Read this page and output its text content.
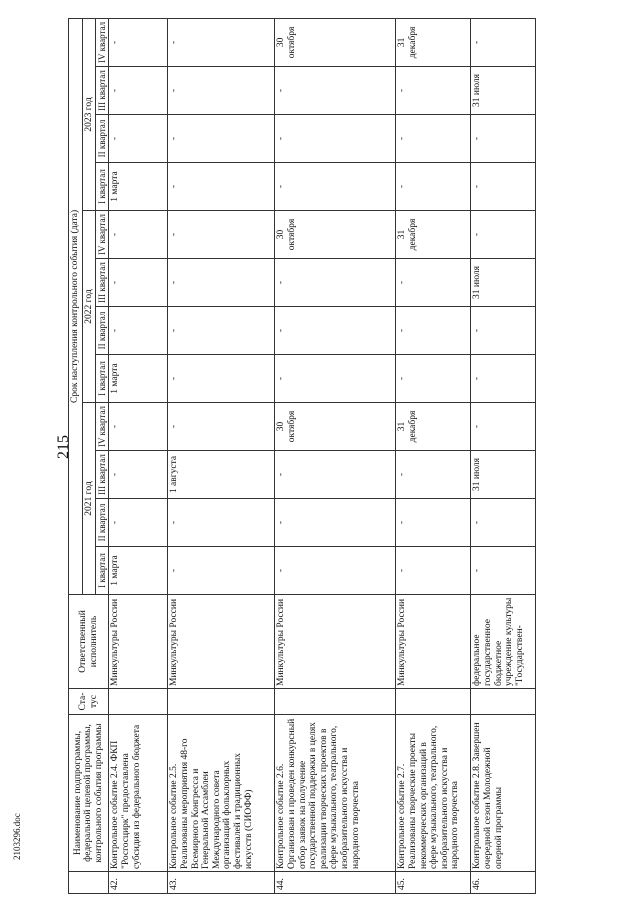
215
2103296.doc
		Наименование подпрограммы, федеральной целевой программы, контрольного события программы	Ста-тус	Ответственный исполнитель	Срок наступления контрольного события (дата)											
				2021 год				2022 год				2023 год			
				I квартал	II квартал	III квартал	IV квартал	I квартал	II квартал	III квартал	IV квартал	I квартал	II квартал	III квартал	IV квартал
42.	Контрольное событие 2.4. ФКП "Росгосцирк" предоставлена субсидия из федерального бюджета		Минкультуры России	1 марта	-	-	-	1 марта	-	-	-	1 марта	-	-	-
43.	Контрольное событие 2.5. Реализованы мероприятия 48-го Всемирного Конгресса и Генеральной Ассамблеи Международного совета организаций фольклорных фестивалей и традиционных искусств (СИОФФ)		Минкультуры России	-	-	1 августа	-	-	-	-	-	-	-	-	-
44.	Контрольное событие 2.6. Организован и проведен конкурсный отбор заявок на получение государственной поддержки в целях реализации творческих проектов в сфере музыкального, театрального, изобразительного искусства и народного творчества		Минкультуры России	-	-	-	30 октября	-	-	-	30 октября	-	-	-	30 октября
45.	Контрольное событие 2.7. Реализованы творческие проекты некоммерческих организаций в сфере музыкального, театрального, изобразительного искусства и народного творчества		Минкультуры России	-	-	-	31 декабря	-	-	-	31 декабря	-	-	-	31 декабря
46.	Контрольное событие 2.8. Завершен очередной сезон Молодежной оперной программы		федеральное государственное бюджетное учреждение культуры "Государствен-	-	-	31 июля	-	-	-	31 июля	-	-	-	31 июля	-
